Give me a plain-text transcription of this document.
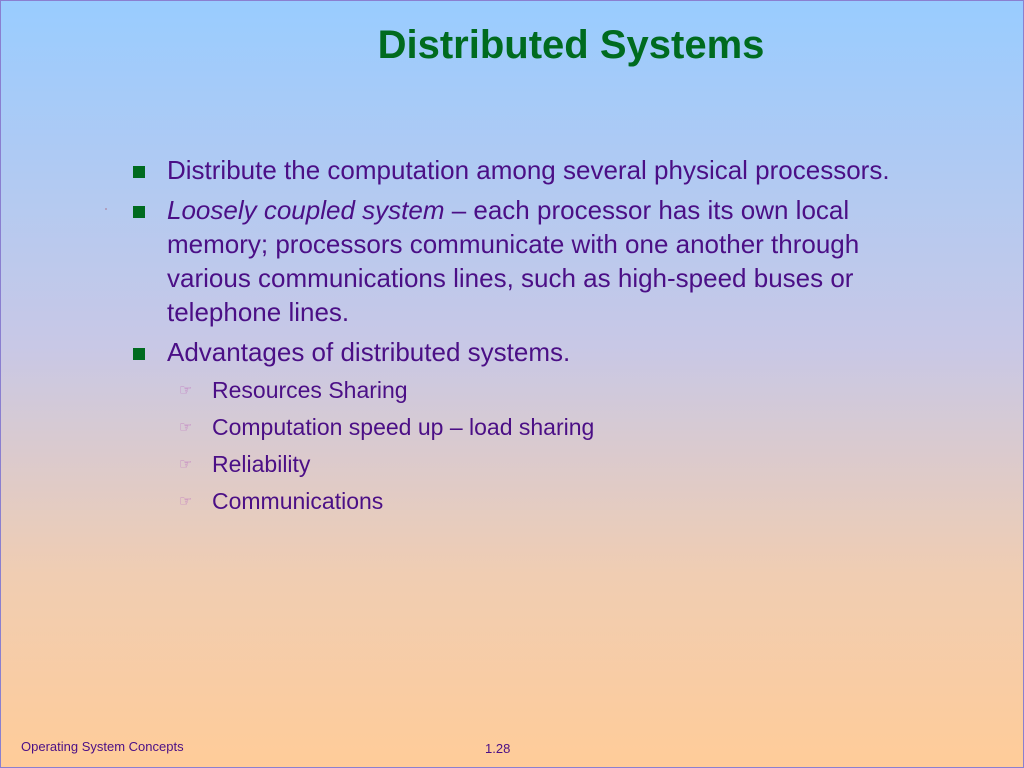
Distributed Systems
Distribute the computation among several physical processors.
Loosely coupled system – each processor has its own local memory; processors communicate with one another through various communications lines, such as high-speed buses or telephone lines.
Advantages of distributed systems.
☞ Resources Sharing
☞ Computation speed up – load sharing
☞ Reliability
☞ Communications
Operating System Concepts	1.28
